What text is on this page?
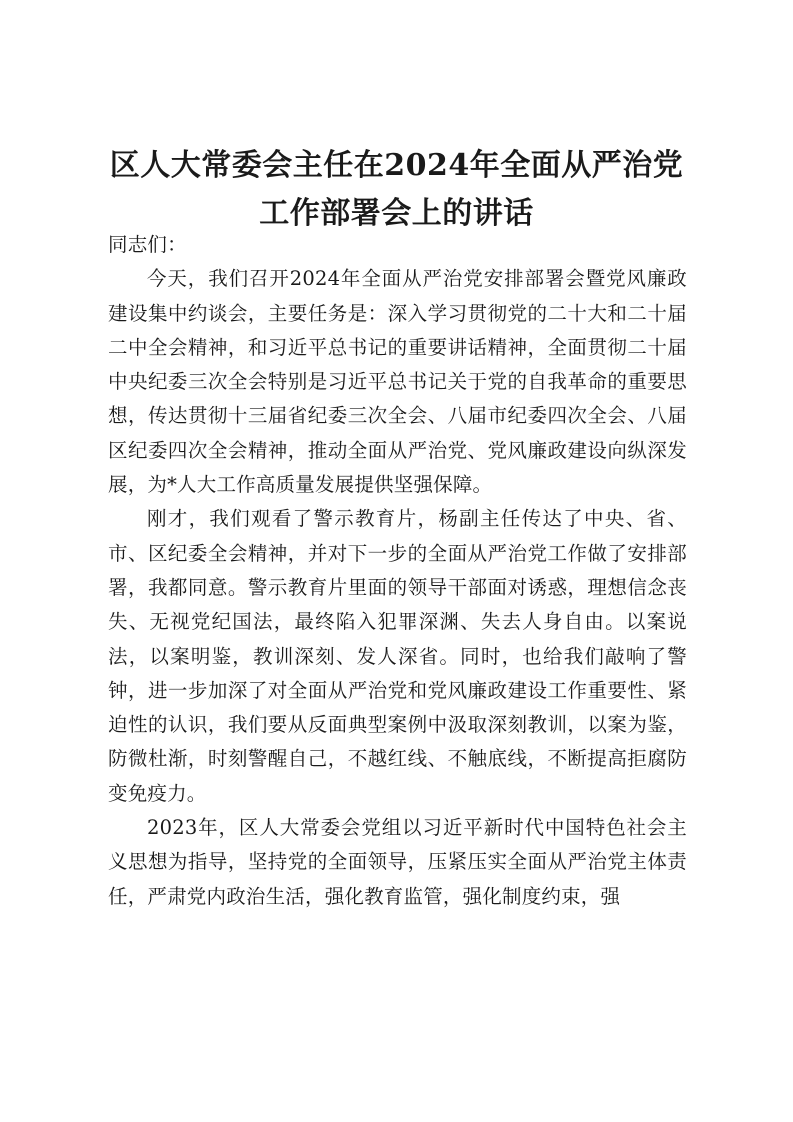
区人大常委会主任在2024年全面从严治党工作部署会上的讲话

同志们：

今天，我们召开2024年全面从严治党安排部署会暨党风廉政建设集中约谈会，主要任务是：深入学习贯彻党的二十大和二十届二中全会精神，和习近平总书记的重要讲话精神，全面贯彻二十届中央纪委三次全会特别是习近平总书记关于党的自我革命的重要思想，传达贯彻十三届省纪委三次全会、八届市纪委四次全会、八届区纪委四次全会精神，推动全面从严治党、党风廉政建设向纵深发展，为*人大工作高质量发展提供坚强保障。

刚才，我们观看了警示教育片，杨副主任传达了中央、省、市、区纪委全会精神，并对下一步的全面从严治党工作做了安排部署，我都同意。警示教育片里面的领导干部面对诱惑，理想信念丧失、无视党纪国法，最终陷入犯罪深渊、失去人身自由。以案说法，以案明鉴，教训深刻、发人深省。同时，也给我们敲响了警钟，进一步加深了对全面从严治党和党风廉政建设工作重要性、紧迫性的认识，我们要从反面典型案例中汲取深刻教训，以案为鉴，防微杜渐，时刻警醒自己，不越红线、不触底线，不断提高拒腐防变免疫力。

2023年，区人大常委会党组以习近平新时代中国特色社会主义思想为指导，坚持党的全面领导，压紧压实全面从严治党主体责任，严肃党内政治生活，强化教育监管，强化制度约束，强
